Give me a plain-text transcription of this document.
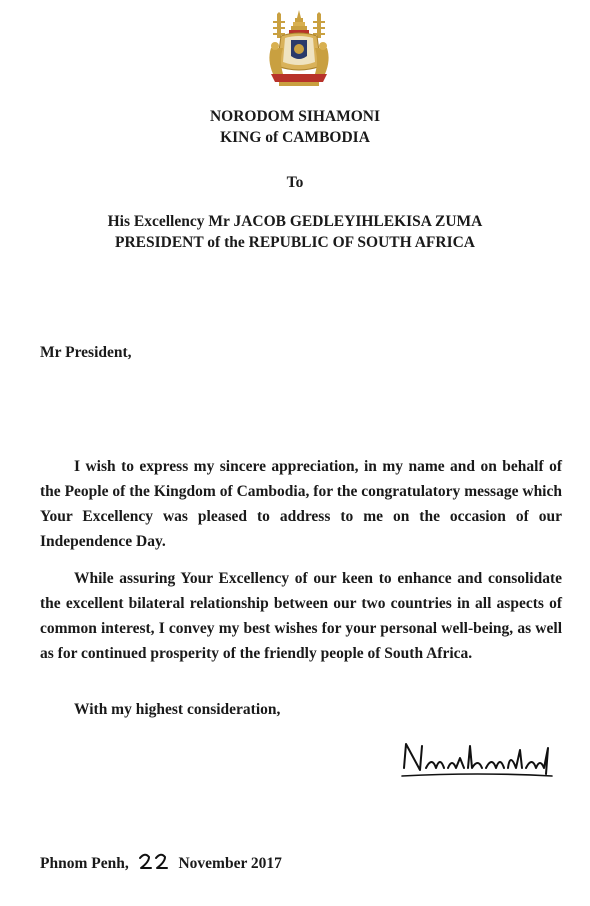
NORODOM SIHAMONI
KING of CAMBODIA

To

His Excellency Mr JACOB GEDLEYIHLEKISA ZUMA
PRESIDENT of the REPUBLIC OF SOUTH AFRICA

Mr President,

I wish to express my sincere appreciation, in my name and on behalf of the People of the Kingdom of Cambodia, for the congratulatory message which Your Excellency was pleased to address to me on the occasion of our Independence Day.

While assuring Your Excellency of our keen to enhance and consolidate the excellent bilateral relationship between our two countries in all aspects of common interest, I convey my best wishes for your personal well-being, as well as for continued prosperity of the friendly people of South Africa.

With my highest consideration,

Phnom Penh,	November 2017
